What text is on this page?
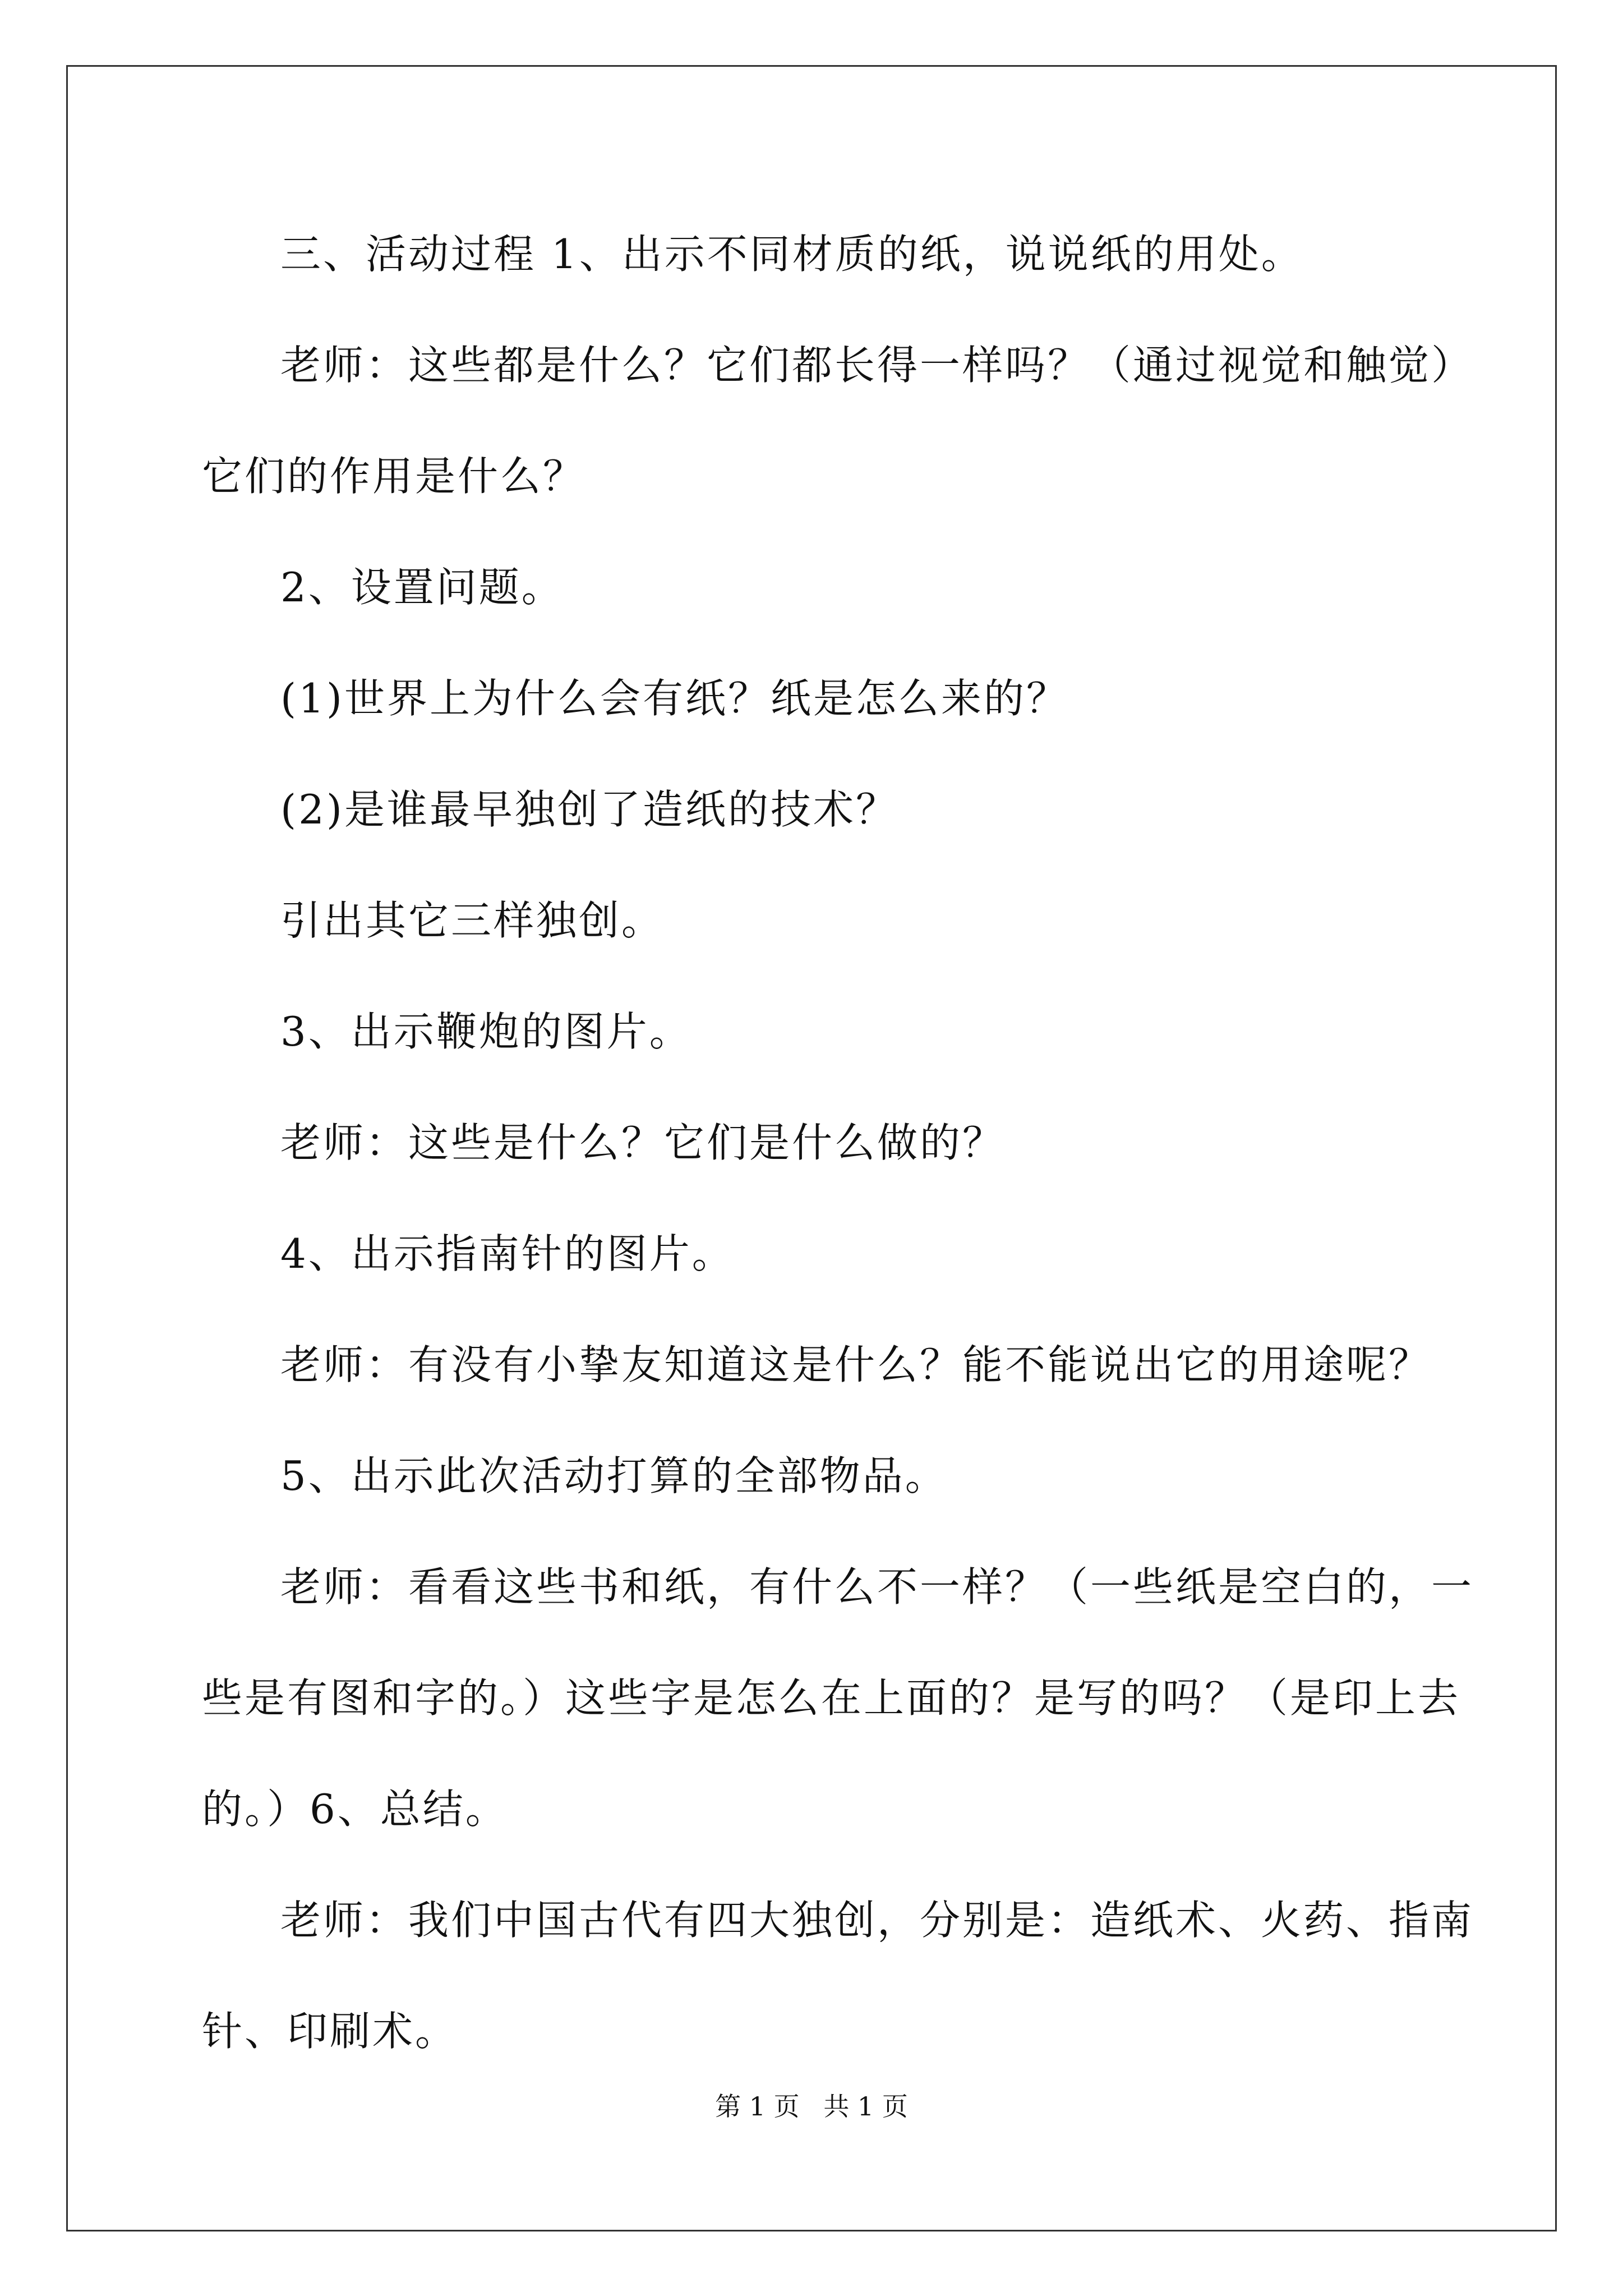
三、活动过程 1、出示不同材质的纸，说说纸的用处。
老师：这些都是什么？它们都长得一样吗？（通过视觉和触觉）
它们的作用是什么？
2、设置问题。
(1)世界上为什么会有纸？纸是怎么来的？
(2)是谁最早独创了造纸的技术？
引出其它三样独创。
3、出示鞭炮的图片。
老师：这些是什么？它们是什么做的？
4、出示指南针的图片。
老师：有没有小挚友知道这是什么？能不能说出它的用途呢？
5、出示此次活动打算的全部物品。
老师：看看这些书和纸，有什么不一样？（一些纸是空白的，一
些是有图和字的。）这些字是怎么在上面的？是写的吗？（是印上去
的。）6、总结。
老师：我们中国古代有四大独创，分别是：造纸术、火药、指南
针、印刷术。
第 1 页 共 1 页
